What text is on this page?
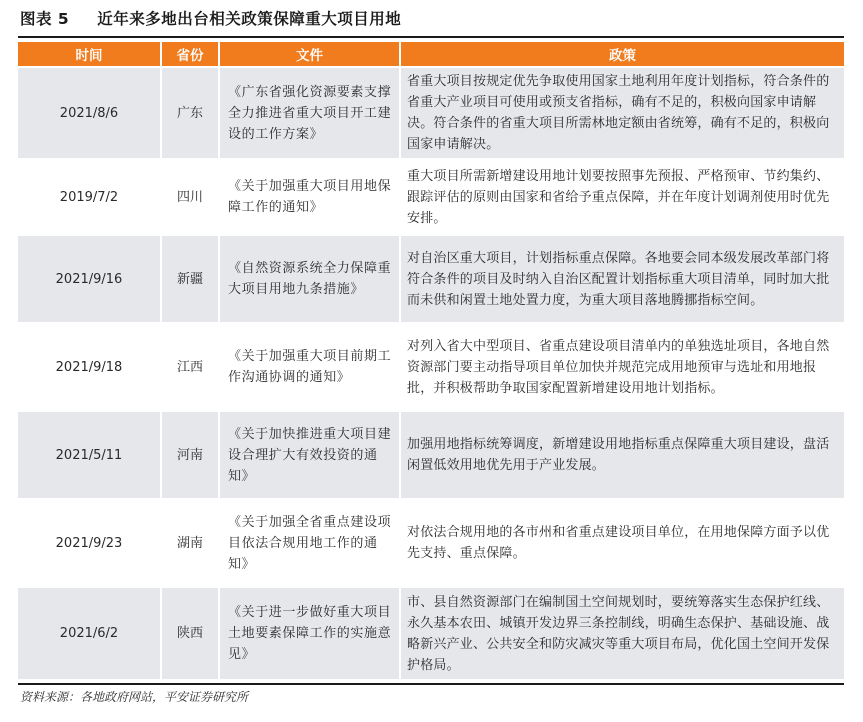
图表 5 近年来多地出台相关政策保障重大项目用地
时间	省份	文件	政策
2021/8/6	广东	《广东省强化资源要素支撑全力推进省重大项目开工建设的工作方案》	省重大项目按规定优先争取使用国家土地利用年度计划指标，符合条件的省重大产业项目可使用或预支省指标，确有不足的，积极向国家申请解决。符合条件的省重大项目所需林地定额由省统筹，确有不足的，积极向国家申请解决。
2019/7/2	四川	《关于加强重大项目用地保障工作的通知》	重大项目所需新增建设用地计划要按照事先预报、严格预审、节约集约、跟踪评估的原则由国家和省给予重点保障，并在年度计划调剂使用时优先安排。
2021/9/16	新疆	《自然资源系统全力保障重大项目用地九条措施》	对自治区重大项目，计划指标重点保障。各地要会同本级发展改革部门将符合条件的项目及时纳入自治区配置计划指标重大项目清单，同时加大批而未供和闲置土地处置力度，为重大项目落地腾挪指标空间。
2021/9/18	江西	《关于加强重大项目前期工作沟通协调的通知》	对列入省大中型项目、省重点建设项目清单内的单独选址项目，各地自然资源部门要主动指导项目单位加快并规范完成用地预审与选址和用地报批，并积极帮助争取国家配置新增建设用地计划指标。
2021/5/11	河南	《关于加快推进重大项目建设合理扩大有效投资的通知》	加强用地指标统筹调度，新增建设用地指标重点保障重大项目建设，盘活闲置低效用地优先用于产业发展。
2021/9/23	湖南	《关于加强全省重点建设项目依法合规用地工作的通知》	对依法合规用地的各市州和省重点建设项目单位，在用地保障方面予以优先支持、重点保障。
2021/6/2	陕西	《关于进一步做好重大项目土地要素保障工作的实施意见》	市、县自然资源部门在编制国土空间规划时，要统筹落实生态保护红线、永久基本农田、城镇开发边界三条控制线，明确生态保护、基础设施、战略新兴产业、公共安全和防灾减灾等重大项目布局，优化国土空间开发保护格局。
资料来源：各地政府网站，平安证券研究所
